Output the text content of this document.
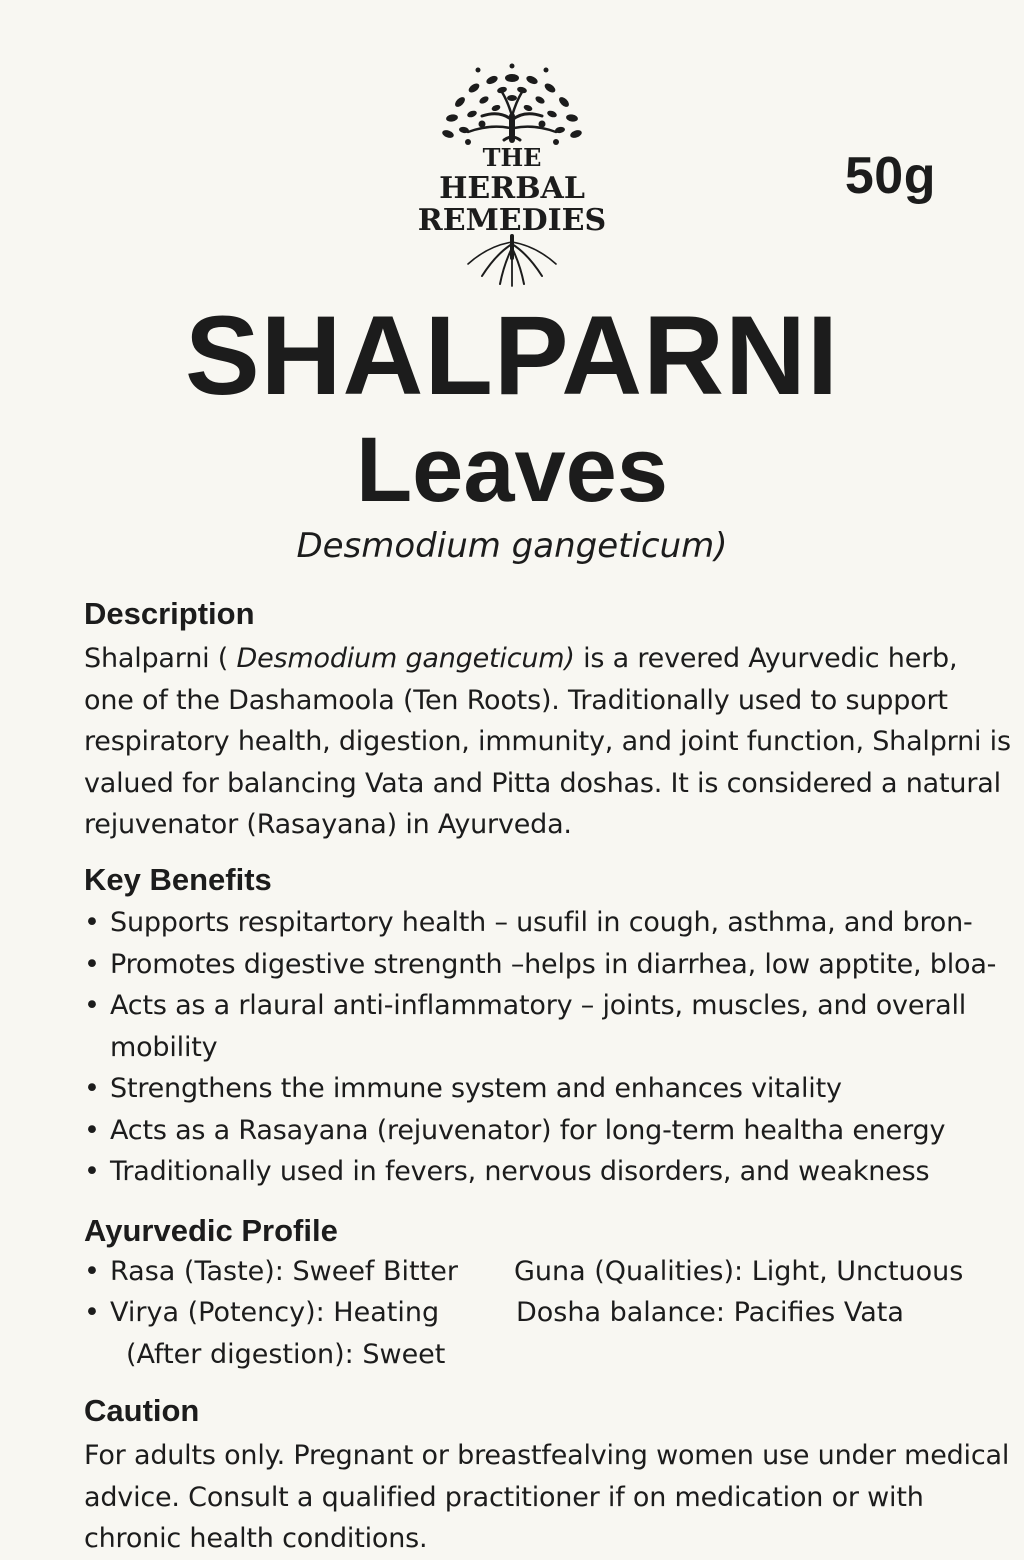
THE
HERBAL
REMEDIES
50g
SHALPARNI
Leaves
Desmodium gangeticum)
Description

Shalparni ( Desmodium gangeticum) is a revered Ayurvedic herb, one of the Dashamoola (Ten Roots). Traditionally used to support respiratory health, digestion, immunity, and joint function, Shalprni is valued for balancing Vata and Pitta doshas. It is considered a natural rejuvenator (Rasayana) in Ayurveda.

Key Benefits
• Supports respitartory health – usufil in cough, asthma, and bron-
• Promotes digestive strengnth –helps in diarrhea, low apptite, bloa-
• Acts as a rlaural anti-inflammatory – joints, muscles, and overall mobility
• Strengthens the immune system and enhances vitality
• Acts as a Rasayana (rejuvenator) for long-term healtha energy
• Traditionally used in fevers, nervous disorders, and weakness
Ayurvedic Profile
• Rasa (Taste): Sweef Bitter Guna (Qualities): Light, Unctuous
• Virya (Potency): Heating	Dosha balance: Pacifies Vata
(After digestion): Sweet
Caution

For adults only. Pregnant or breastfealving women use under medical advice. Consult a qualified practitioner if on medication or with chronic health conditions.
